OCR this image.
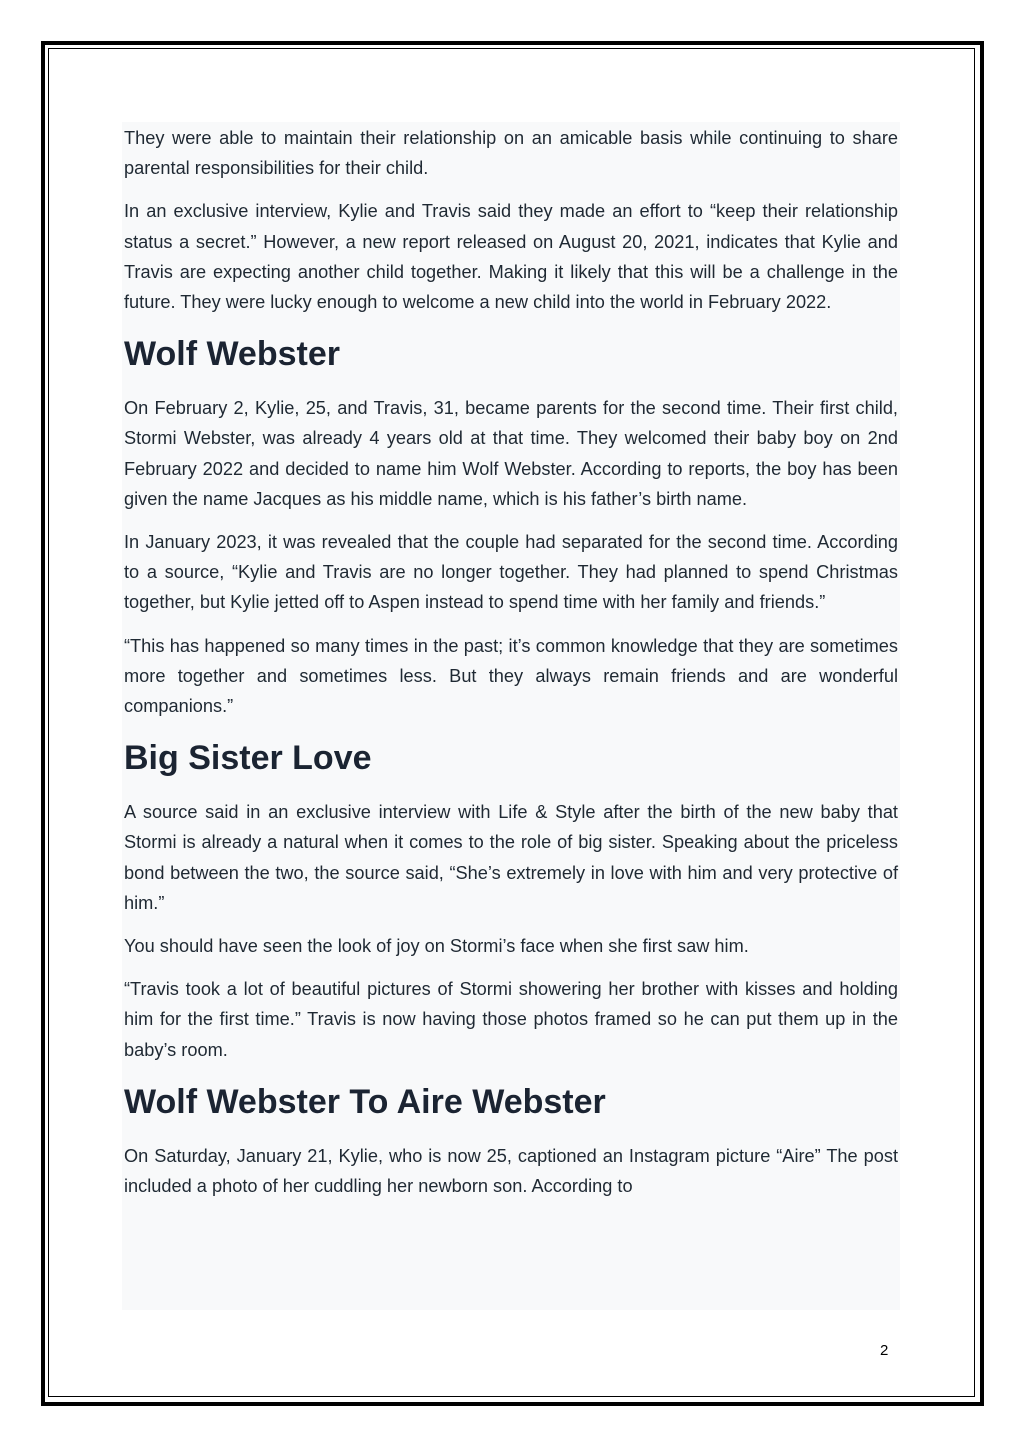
They were able to maintain their relationship on an amicable basis while continuing to share parental responsibilities for their child.

In an exclusive interview, Kylie and Travis said they made an effort to “keep their relationship status a secret.” However, a new report released on August 20, 2021, indicates that Kylie and Travis are expecting another child together. Making it likely that this will be a challenge in the future. They were lucky enough to welcome a new child into the world in February 2022.

Wolf Webster

On February 2, Kylie, 25, and Travis, 31, became parents for the second time. Their first child, Stormi Webster, was already 4 years old at that time. They welcomed their baby boy on 2nd February 2022 and decided to name him Wolf Webster. According to reports, the boy has been given the name Jacques as his middle name, which is his father’s birth name.

In January 2023, it was revealed that the couple had separated for the second time. According to a source, “Kylie and Travis are no longer together. They had planned to spend Christmas together, but Kylie jetted off to Aspen instead to spend time with her family and friends.”

“This has happened so many times in the past; it’s common knowledge that they are sometimes more together and sometimes less. But they always remain friends and are wonderful companions.”

Big Sister Love

A source said in an exclusive interview with Life & Style after the birth of the new baby that Stormi is already a natural when it comes to the role of big sister. Speaking about the priceless bond between the two, the source said, “She’s extremely in love with him and very protective of him.”

You should have seen the look of joy on Stormi’s face when she first saw him.

“Travis took a lot of beautiful pictures of Stormi showering her brother with kisses and holding him for the first time.” Travis is now having those photos framed so he can put them up in the baby’s room.

Wolf Webster To Aire Webster

On Saturday, January 21, Kylie, who is now 25, captioned an Instagram picture “Aire” The post included a photo of her cuddling her newborn son. According to

2
